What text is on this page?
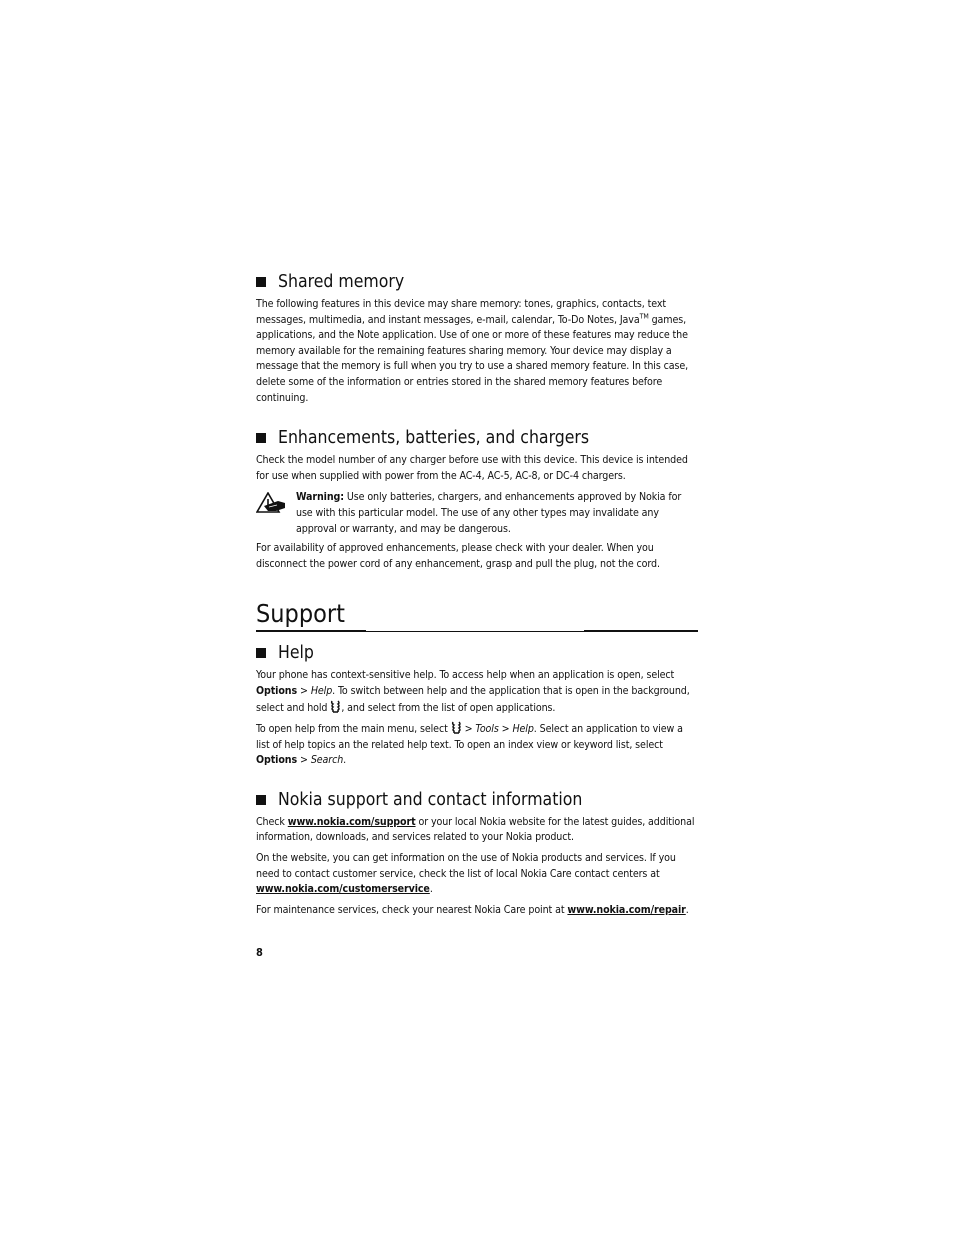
Shared memory

The following features in this device may share memory: tones, graphics, contacts, text messages, multimedia, and instant messages, e-mail, calendar, To-Do Notes, Java™ games, applications, and the Note application. Use of one or more of these features may reduce the memory available for the remaining features sharing memory. Your device may display a message that the memory is full when you try to use a shared memory feature. In this case, delete some of the information or entries stored in the shared memory features before continuing.

Enhancements, batteries, and chargers

Check the model number of any charger before use with this device. This device is intended for use when supplied with power from the AC-4, AC-5, AC-8, or DC-4 chargers.

Warning: Use only batteries, chargers, and enhancements approved by Nokia for use with this particular model. The use of any other types may invalidate any approval or warranty, and may be dangerous.

For availability of approved enhancements, please check with your dealer. When you disconnect the power cord of any enhancement, grasp and pull the plug, not the cord.

Support
Help

Your phone has context-sensitive help. To access help when an application is open, select Options > Help. To switch between help and the application that is open in the background, select and hold , and select from the list of open applications.

To open help from the main menu, select  > Tools > Help. Select an application to view a list of help topics an the related help text. To open an index view or keyword list, select Options > Search.

Nokia support and contact information

Check www.nokia.com/support or your local Nokia website for the latest guides, additional information, downloads, and services related to your Nokia product.

On the website, you can get information on the use of Nokia products and services. If you need to contact customer service, check the list of local Nokia Care contact centers at www.nokia.com/customerservice.

For maintenance services, check your nearest Nokia Care point at www.nokia.com/repair.

8
